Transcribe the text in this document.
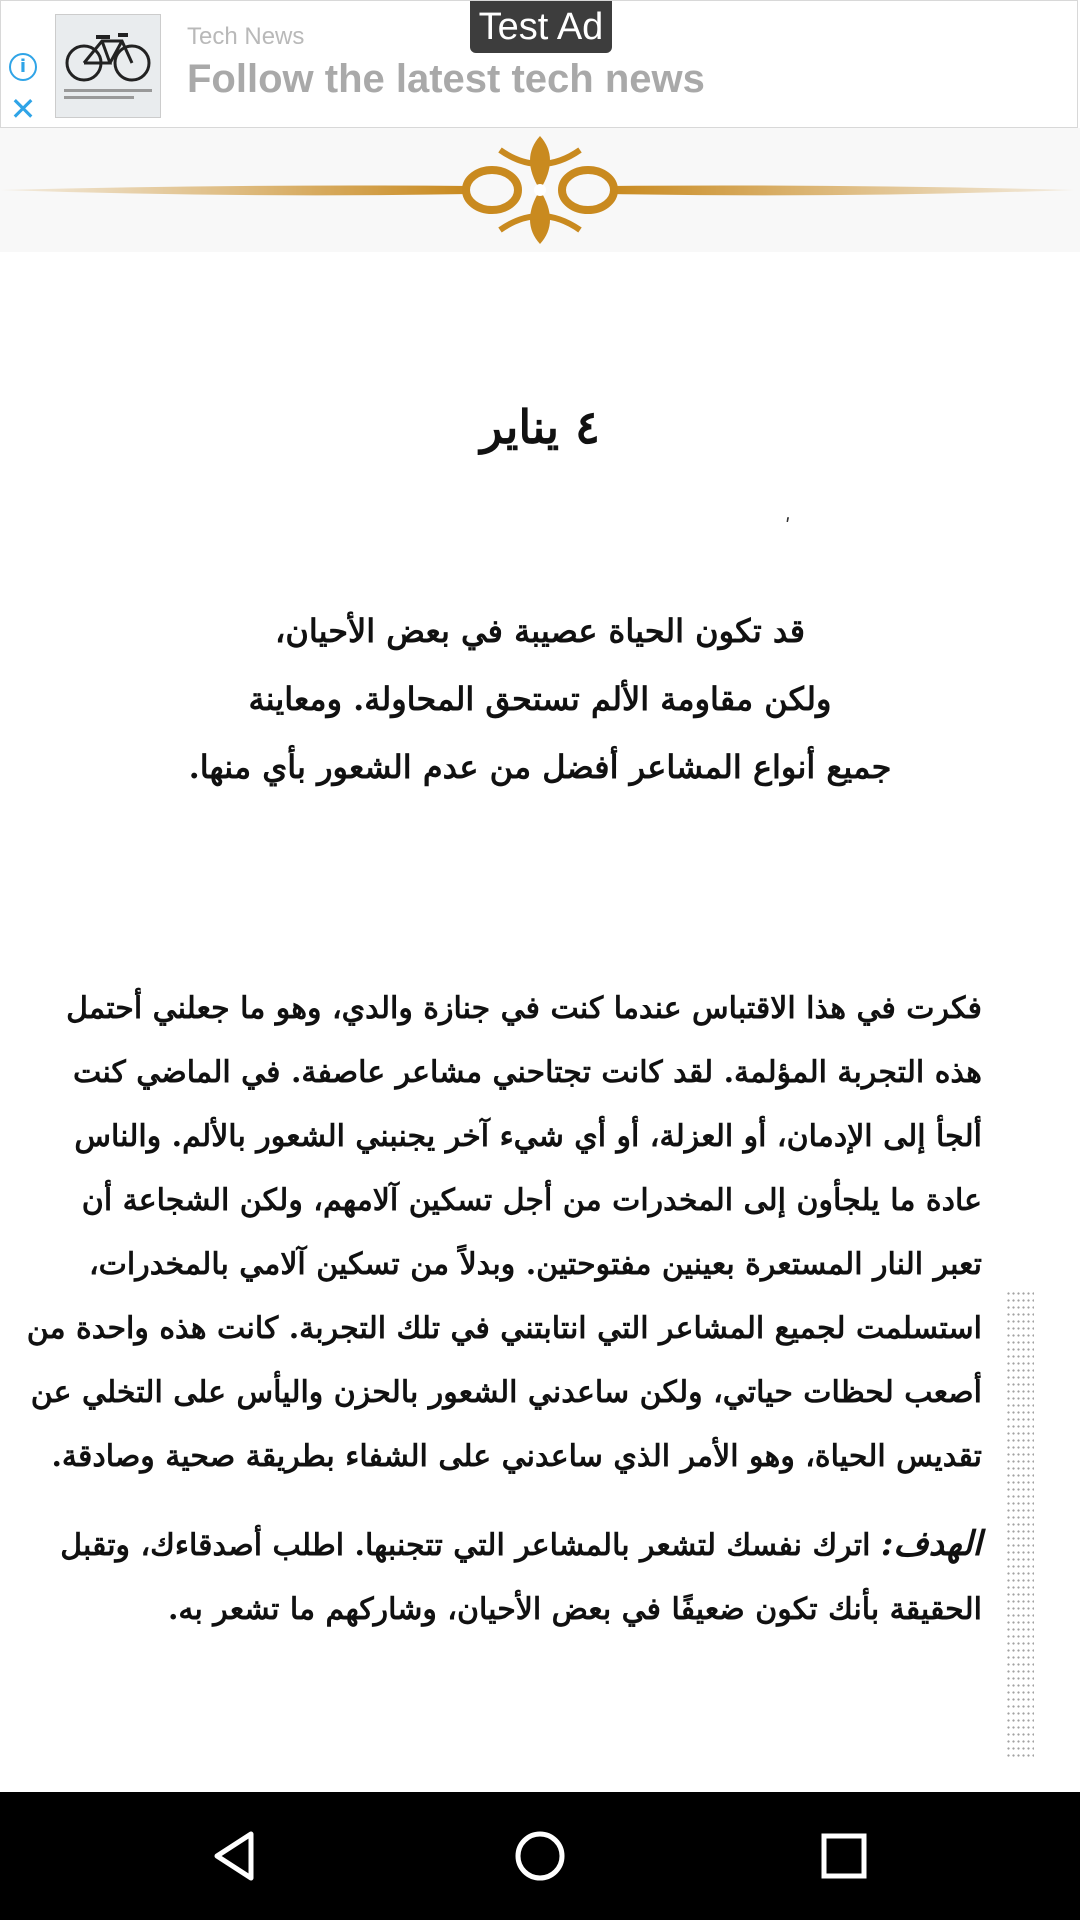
i
✕
Tech News
Follow the latest tech news
Test Ad
٤ يناير
ʹ
قد تكون الحياة عصيبة في بعض الأحيان،
ولكن مقاومة الألم تستحق المحاولة. ومعاينة
جميع أنواع المشاعر أفضل من عدم الشعور بأي منها.
فكرت في هذا الاقتباس عندما كنت في جنازة والدي، وهو ما جعلني أحتمل
هذه التجربة المؤلمة. لقد كانت تجتاحني مشاعر عاصفة. في الماضي كنت
ألجأ إلى الإدمان، أو العزلة، أو أي شيء آخر يجنبني الشعور بالألم. والناس
عادة ما يلجأون إلى المخدرات من أجل تسكين آلامهم، ولكن الشجاعة أن
تعبر النار المستعرة بعينين مفتوحتين. وبدلاً من تسكين آلامي بالمخدرات،
استسلمت لجميع المشاعر التي انتابتني في تلك التجربة. كانت هذه واحدة من
أصعب لحظات حياتي، ولكن ساعدني الشعور بالحزن واليأس على التخلي عن
تقديس الحياة، وهو الأمر الذي ساعدني على الشفاء بطريقة صحية وصادقة.
الهدف: اترك نفسك لتشعر بالمشاعر التي تتجنبها. اطلب أصدقاءك، وتقبل
الحقيقة بأنك تكون ضعيفًا في بعض الأحيان، وشاركهم ما تشعر به.
